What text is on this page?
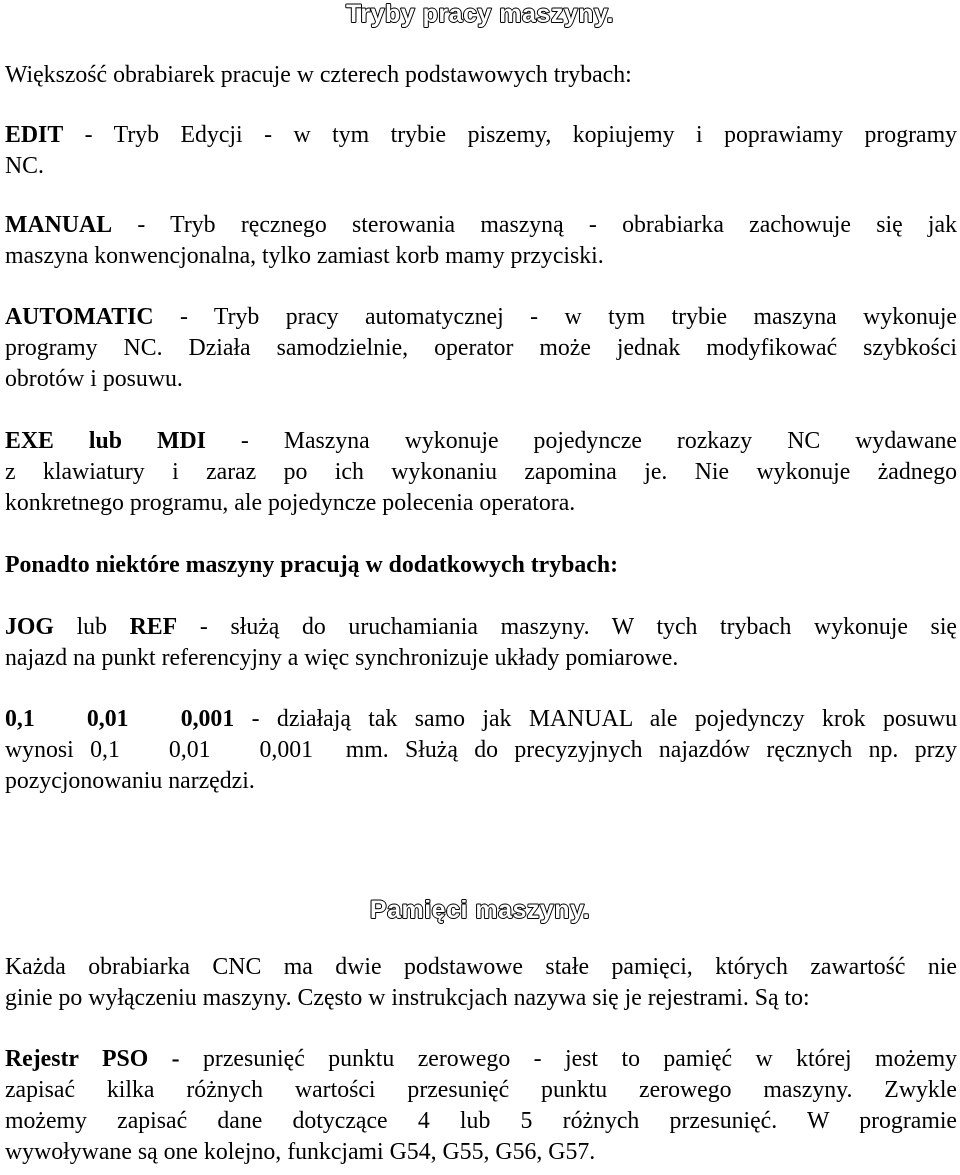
Tryby pracy maszyny.
Większość obrabiarek pracuje w czterech podstawowych trybach:
EDIT - Tryb Edycji - w tym trybie piszemy, kopiujemy i poprawiamy programy
NC.
MANUAL - Tryb ręcznego sterowania maszyną - obrabiarka zachowuje się jak
maszyna konwencjonalna, tylko zamiast korb mamy przyciski.
AUTOMATIC - Tryb pracy automatycznej - w tym trybie maszyna wykonuje
programy NC. Działa samodzielnie, operator może jednak modyfikować szybkości
obrotów i posuwu.
EXE lub MDI - Maszyna wykonuje pojedyncze rozkazy NC wydawane
z klawiatury i zaraz po ich wykonaniu zapomina je. Nie wykonuje żadnego
konkretnego programu, ale pojedyncze polecenia operatora.
Ponadto niektóre maszyny pracują w dodatkowych trybach:
JOG lub REF - służą do uruchamiania maszyny. W tych trybach wykonuje się
najazd na punkt referencyjny a więc synchronizuje układy pomiarowe.
0,1   0,01   0,001 - działają tak samo jak MANUAL ale pojedynczy krok posuwu
wynosi 0,1   0,01   0,001  mm. Służą do precyzyjnych najazdów ręcznych np. przy
pozycjonowaniu narzędzi.
Pamięci maszyny.
Każda obrabiarka CNC ma dwie podstawowe stałe pamięci, których zawartość nie
ginie po wyłączeniu maszyny. Często w instrukcjach nazywa się je rejestrami. Są to:
Rejestr PSO - przesunięć punktu zerowego - jest to pamięć w której możemy
zapisać kilka różnych wartości przesunięć punktu zerowego maszyny. Zwykle
możemy zapisać dane dotyczące 4 lub 5 różnych przesunięć. W programie
wywoływane są one kolejno, funkcjami G54, G55, G56, G57.
